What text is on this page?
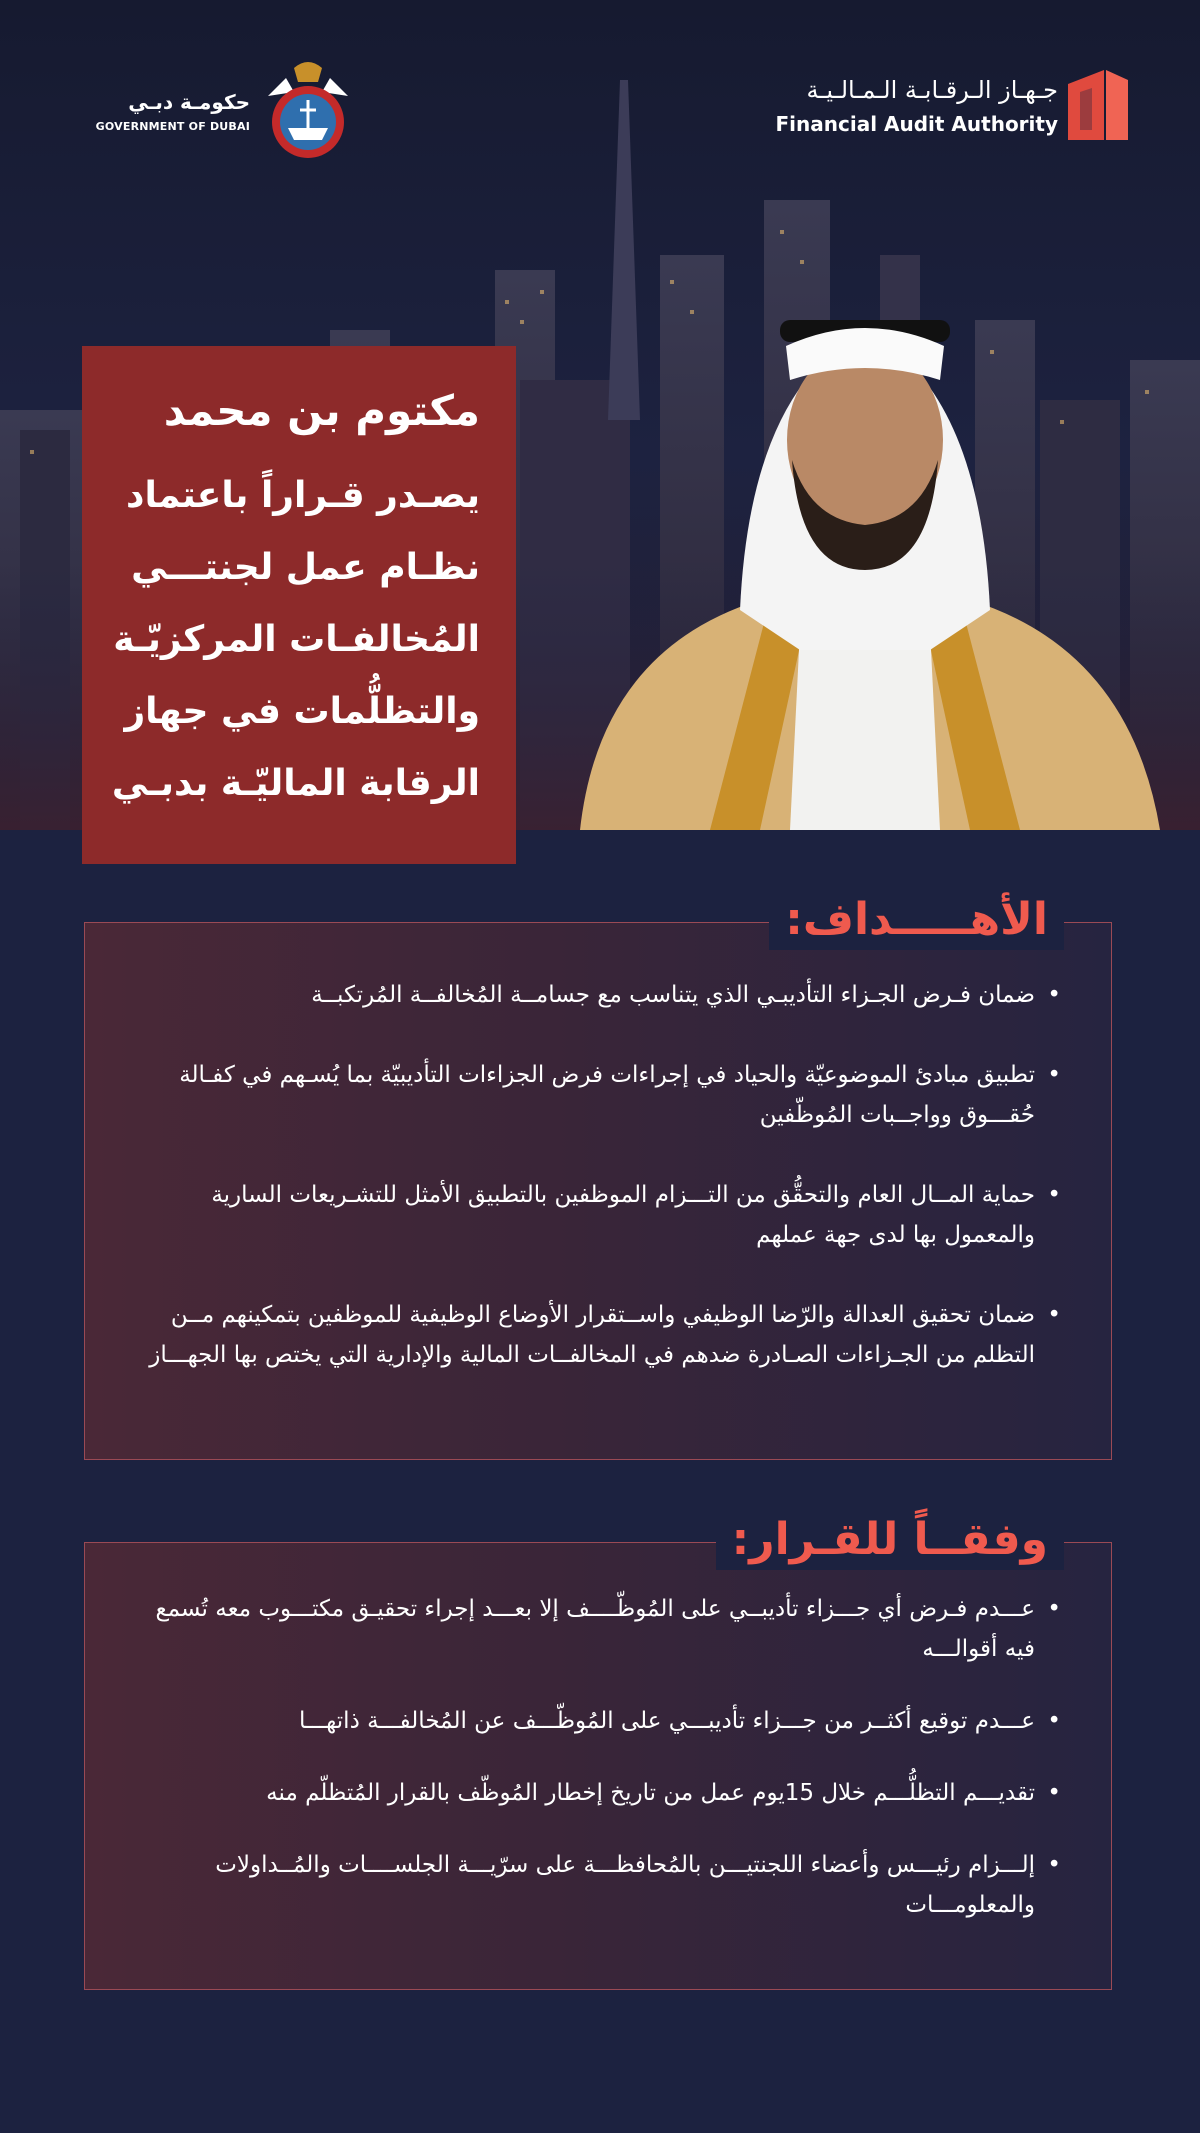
حكومـة دبـي
GOVERNMENT OF DUBAI
جـهـاز الـرقـابـة الـمـالـيـة
Financial Audit Authority
مكتوم بن محمد
يصـدر قـراراً باعتماد
نظـام عمل لجنتـــي
المُخالفـات المركزيّـة
والتظلُّمات في جهاز
الرقابة الماليّـة بدبـي
• ضمان فـرض الجـزاء التأديبـي الذي يتناسب مع جسامــة المُخالفــة المُرتكبــة
• تطبيق مبادئ الموضوعيّة والحياد في إجراءات فرض الجزاءات التأديبيّة بما يُسـهم في كفـالة حُقـــوق وواجــبات المُوظّفين
• حماية المــال العام والتحقُّق من التـــزام الموظفين بالتطبيق الأمثل للتشـريعات السارية والمعمول بها لدى جهة عملهم
• ضمان تحقيق العدالة والرّضا الوظيفي واســتقرار الأوضاع الوظيفية للموظفين بتمكينهم مــن التظلم من الجـزاءات الصـادرة ضدهم في المخالفــات المالية والإدارية التي يختص بها الجهـــاز
الأهـــــداف:
• عـــدم فـرض أي جـــزاء تأديبــي على المُوظّــــف إلا بعـــد إجراء تحقيـق مكتـــوب معه تُسمع فيه أقوالـــه
• عـــدم توقيع أكثــر من جـــزاء تأديبـــي على المُوظّـــف عن المُخالفـــة ذاتهـــا
• تقديـــم التظلُّـــم خلال 15يوم عمل من تاريخ إخطار المُوظّف بالقرار المُتظلّم منه
• إلـــزام رئيـــس وأعضاء اللجنتيـــن بالمُحافظـــة على سرّيـــة الجلســــات والمُــداولات والمعلومـــات
وفقــاً للقـرار:
